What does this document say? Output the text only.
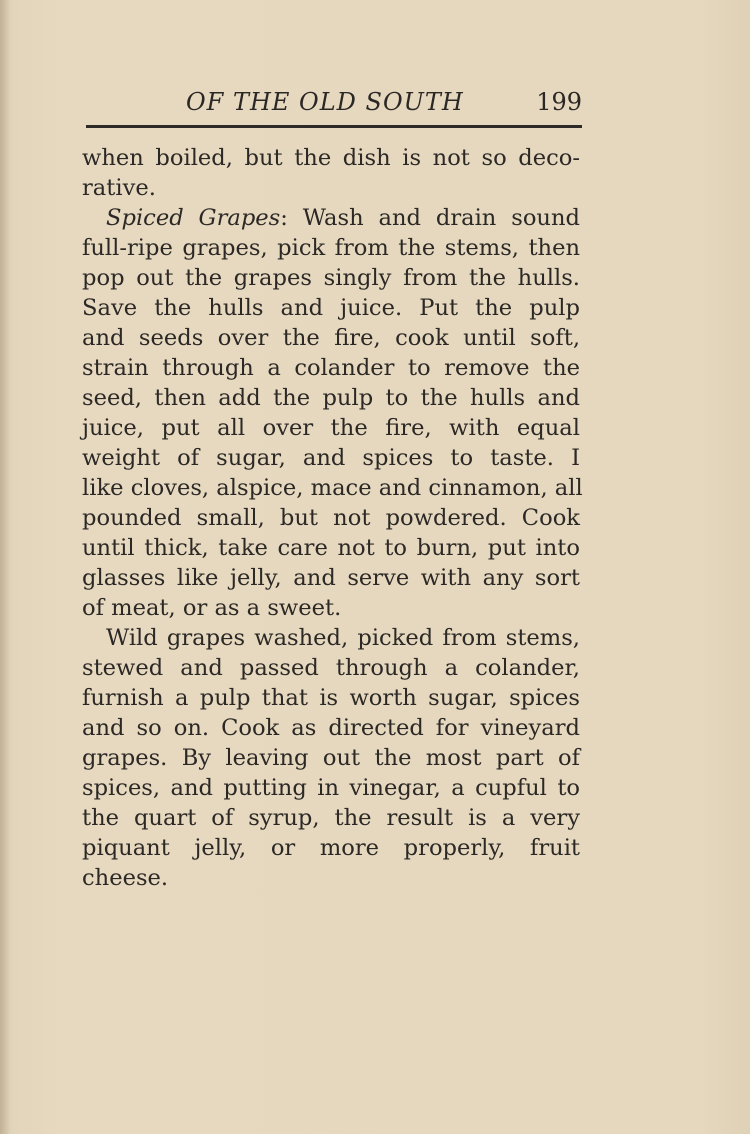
OF THE OLD SOUTH	199
when boiled, but the dish is not so deco-
rative.
Spiced Grapes: Wash and drain sound
full-ripe grapes, pick from the stems, then
pop out the grapes singly from the hulls.
Save the hulls and juice. Put the pulp
and seeds over the fire, cook until soft,
strain through a colander to remove the
seed, then add the pulp to the hulls and
juice, put all over the fire, with equal
weight of sugar, and spices to taste. I
like cloves, alspice, mace and cinnamon, all
pounded small, but not powdered. Cook
until thick, take care not to burn, put into
glasses like jelly, and serve with any sort
of meat, or as a sweet.
Wild grapes washed, picked from stems,
stewed and passed through a colander,
furnish a pulp that is worth sugar, spices
and so on. Cook as directed for vineyard
grapes. By leaving out the most part of
spices, and putting in vinegar, a cupful to
the quart of syrup, the result is a very
piquant jelly, or more properly, fruit
cheese.
